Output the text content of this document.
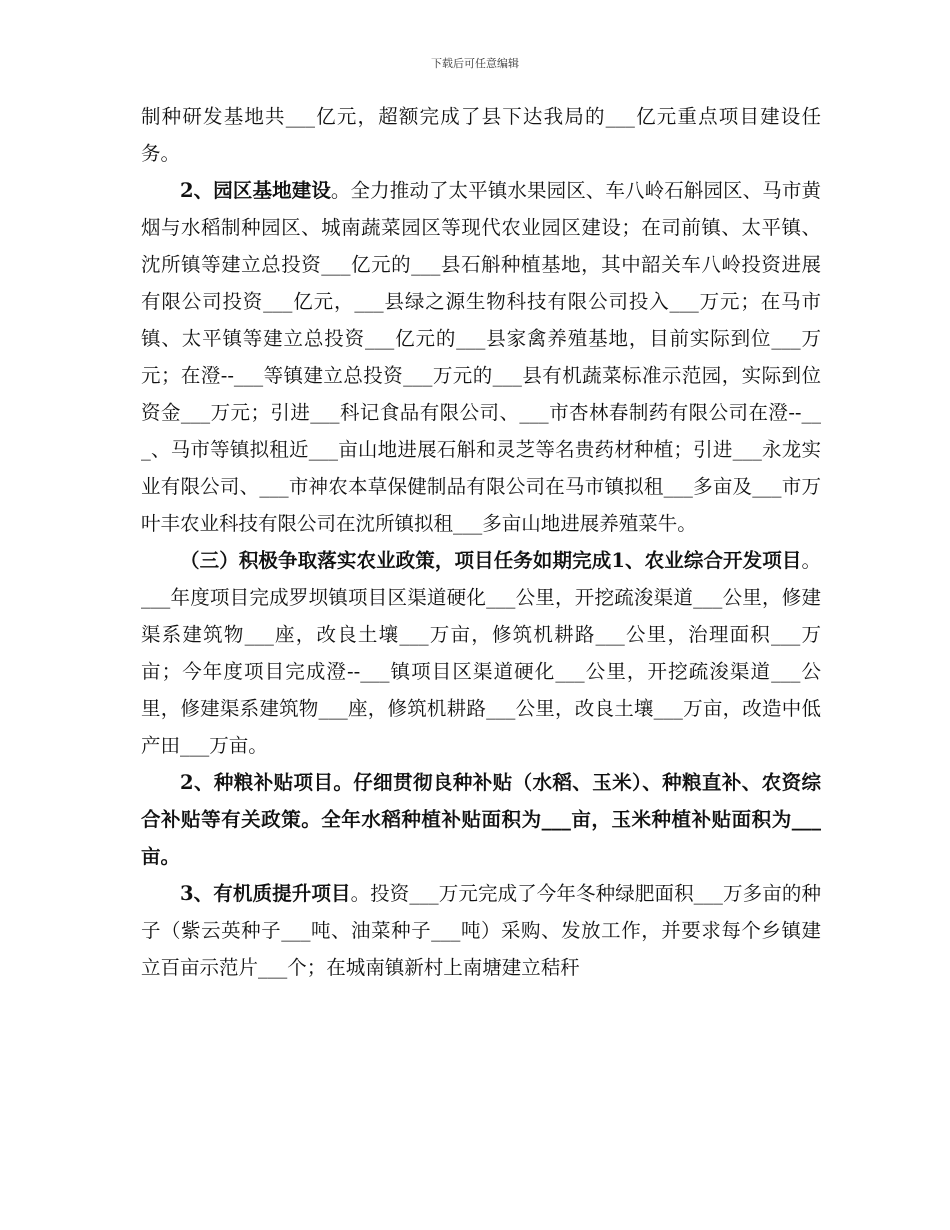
下载后可任意编辑

制种研发基地共___亿元，超额完成了县下达我局的___亿元重点项目建设任务。

2、园区基地建设。全力推动了太平镇水果园区、车八岭石斛园区、马市黄烟与水稻制种园区、城南蔬菜园区等现代农业园区建设；在司前镇、太平镇、沈所镇等建立总投资___亿元的___县石斛种植基地，其中韶关车八岭投资进展有限公司投资___亿元，___县绿之源生物科技有限公司投入___万元；在马市镇、太平镇等建立总投资___亿元的___县家禽养殖基地，目前实际到位___万元；在澄--___等镇建立总投资___万元的___县有机蔬菜标准示范园，实际到位资金___万元；引进___科记食品有限公司、___市杏林春制药有限公司在澄--___、马市等镇拟租近___亩山地进展石斛和灵芝等名贵药材种植；引进___永龙实业有限公司、___市神农本草保健制品有限公司在马市镇拟租___多亩及___市万叶丰农业科技有限公司在沈所镇拟租___多亩山地进展养殖菜牛。

（三）积极争取落实农业政策，项目任务如期完成1、农业综合开发项目。___年度项目完成罗坝镇项目区渠道硬化___公里，开挖疏浚渠道___公里，修建渠系建筑物___座，改良土壤___万亩，修筑机耕路___公里，治理面积___万亩；今年度项目完成澄--___镇项目区渠道硬化___公里，开挖疏浚渠道___公里，修建渠系建筑物___座，修筑机耕路___公里，改良土壤___万亩，改造中低产田___万亩。

2、种粮补贴项目。仔细贯彻良种补贴（水稻、玉米）、种粮直补、农资综合补贴等有关政策。全年水稻种植补贴面积为___亩，玉米种植补贴面积为___亩。

3、有机质提升项目。投资___万元完成了今年冬种绿肥面积___万多亩的种子（紫云英种子___吨、油菜种子___吨）采购、发放工作，并要求每个乡镇建立百亩示范片___个；在城南镇新村上南塘建立秸秆
